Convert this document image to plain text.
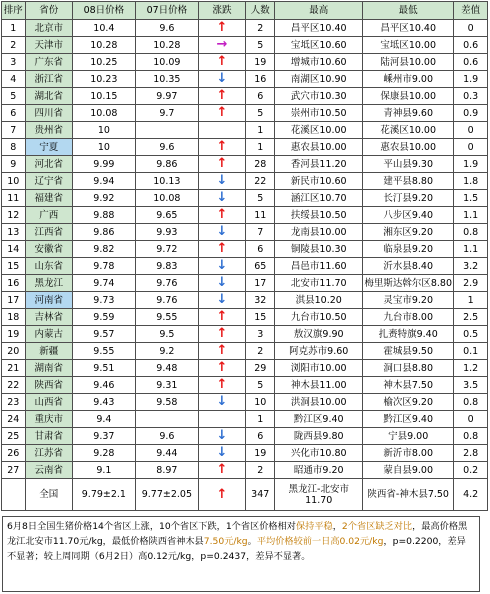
排序	省份	08日价格	07日价格	涨跌	人数	最高	最低	差值
1	北京市	10.4	9.6	↑	2	昌平区10.40	昌平区10.40	0
2	天津市	10.28	10.28	→	5	宝坻区10.60	宝坻区10.00	0.6
3	广东省	10.25	10.09	↑	19	增城市10.60	陆河县10.00	0.6
4	浙江省	10.23	10.35	↓	16	南湖区10.90	嵊州市9.00	1.9
5	湖北省	10.15	9.97	↑	6	武穴市10.30	保康县10.00	0.3
6	四川省	10.08	9.7	↑	5	崇州市10.50	青神县9.60	0.9
7	贵州省	10			1	花溪区10.00	花溪区10.00	0
8	宁夏	10	9.6	↑	1	惠农县10.00	惠农县10.00	0
9	河北省	9.99	9.86	↑	28	香河县11.20	平山县9.30	1.9
10	辽宁省	9.94	10.13	↓	22	新民市10.60	建平县8.80	1.8
11	福建省	9.92	10.08	↓	5	涵江区10.70	长汀县9.20	1.5
12	广西	9.88	9.65	↑	11	扶绥县10.50	八步区9.40	1.1
13	江西省	9.86	9.93	↓	7	龙南县10.00	湘东区9.20	0.8
14	安徽省	9.82	9.72	↑	6	铜陵县10.30	临泉县9.20	1.1
15	山东省	9.78	9.83	↓	65	昌邑市11.60	沂水县8.40	3.2
16	黑龙江	9.74	9.76	↓	17	北安市11.70	梅里斯达斡尔区8.80	2.9
17	河南省	9.73	9.76	↓	32	淇县10.20	灵宝市9.20	1
18	吉林省	9.59	9.55	↑	15	九台市10.50	九台市8.00	2.5
19	内蒙古	9.57	9.5	↑	3	敖汉旗9.90	扎赉特旗9.40	0.5
20	新疆	9.55	9.2	↑	2	阿克苏市9.60	霍城县9.50	0.1
21	湖南省	9.51	9.48	↑	29	浏阳市10.00	洞口县8.80	1.2
22	陕西省	9.46	9.31	↑	5	神木县11.00	神木县7.50	3.5
23	山西省	9.43	9.58	↓	10	洪洞县10.00	榆次区9.20	0.8
24	重庆市	9.4			1	黔江区9.40	黔江区9.40	0
25	甘肃省	9.37	9.6	↓	6	陇西县9.80	宁县9.00	0.8
26	江苏省	9.28	9.44	↓	19	兴化市10.80	新沂市8.00	2.8
27	云南省	9.1	8.97	↑	2	昭通市9.20	蒙自县9.00	0.2
	全国	9.79±2.1	9.77±2.05	↑	347	黑龙江-北安市11.70	陕西省-神木县7.50	4.2
6月8日全国生猪价格14个省区上涨，10个省区下跌，1个省区价格相对保持平稳，2个省区缺乏对比，最高价格黑龙江北安市11.70元/kg，最低价格陕西省神木县7.50元/kg。平均价格较前一日高0.02元/kg，p=0.2200，差异不显著；较上周同期（6月2日）高0.12元/kg，p=0.2437，差异不显著。
